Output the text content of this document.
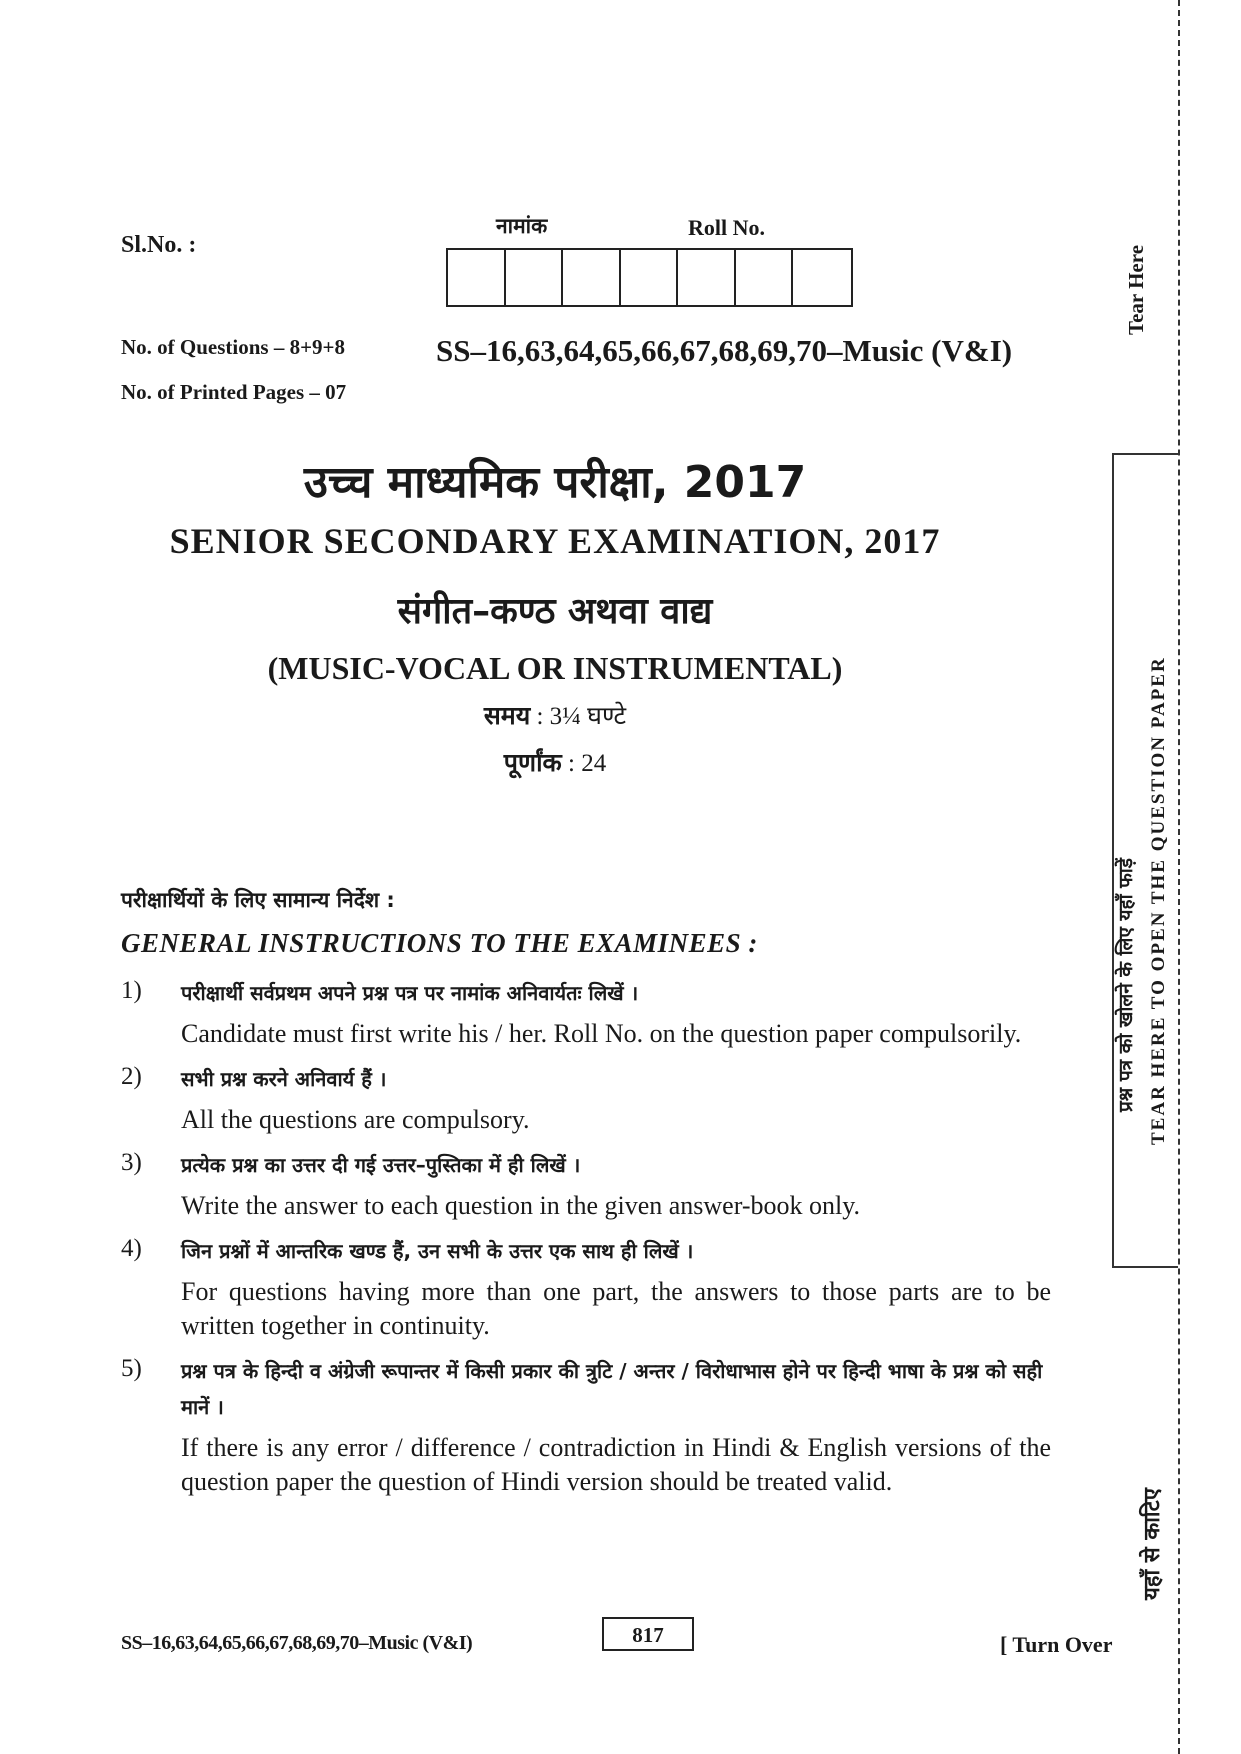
Sl.No. :
नामांक	Roll No.
No. of Questions – 8+9+8
No. of Printed Pages – 07
SS–16,63,64,65,66,67,68,69,70–Music (V&I)
उच्च माध्यमिक परीक्षा, 2017
SENIOR SECONDARY EXAMINATION, 2017
संगीत–कण्ठ अथवा वाद्य
(MUSIC-VOCAL OR INSTRUMENTAL)
समय : 3¼ घण्टे
पूर्णांक : 24
परीक्षार्थियों के लिए सामान्य निर्देश :
GENERAL INSTRUCTIONS TO THE EXAMINEES :
1)	परीक्षार्थी सर्वप्रथम अपने प्रश्न पत्र पर नामांक अनिवार्यतः लिखें ।
Candidate must first write his / her. Roll No. on the question paper compulsorily.
2)	सभी प्रश्न करने अनिवार्य हैं ।
All the questions are compulsory.
3)	प्रत्येक प्रश्न का उत्तर दी गई उत्तर–पुस्तिका में ही लिखें ।
Write the answer to each question in the given answer-book only.
4)	जिन प्रश्नों में आन्तरिक खण्ड हैं, उन सभी के उत्तर एक साथ ही लिखें ।
For questions having more than one part, the answers to those parts are to be written together in continuity.
5)	प्रश्न पत्र के हिन्दी व अंग्रेजी रूपान्तर में किसी प्रकार की त्रुटि / अन्तर / विरोधाभास होने पर हिन्दी भाषा के प्रश्न को सही मानें ।
If there is any error / difference / contradiction in Hindi & English versions of the question paper the question of Hindi version should be treated valid.
SS–16,63,64,65,66,67,68,69,70–Music (V&I)	817	[ Turn Over
Tear Here
प्रश्न पत्र को खोलने के लिए यहाँ फाड़ें TEAR HERE TO OPEN THE QUESTION PAPER
यहाँ से काटिए
